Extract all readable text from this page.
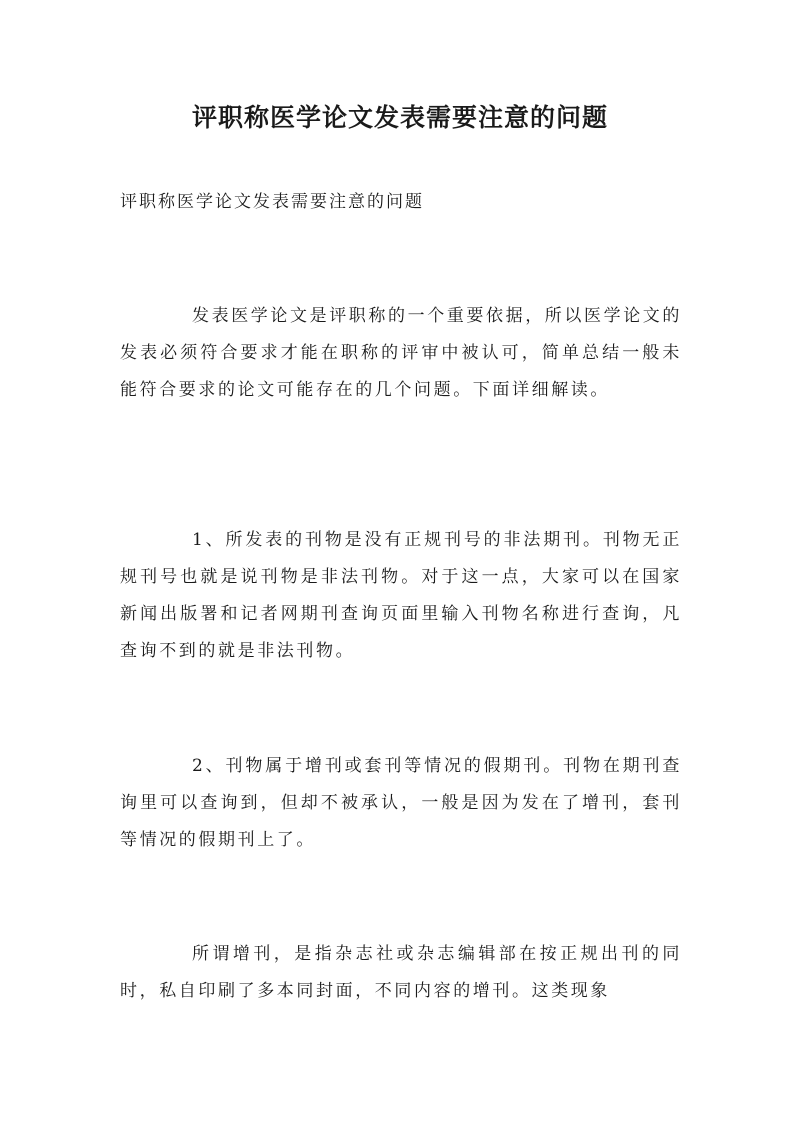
评职称医学论文发表需要注意的问题
评职称医学论文发表需要注意的问题

发表医学论文是评职称的一个重要依据，所以医学论文的发表必须符合要求才能在职称的评审中被认可，简单总结一般未能符合要求的论文可能存在的几个问题。下面详细解读。

1、所发表的刊物是没有正规刊号的非法期刊。刊物无正规刊号也就是说刊物是非法刊物。对于这一点，大家可以在国家新闻出版署和记者网期刊查询页面里输入刊物名称进行查询，凡查询不到的就是非法刊物。

2、刊物属于增刊或套刊等情况的假期刊。刊物在期刊查询里可以查询到，但却不被承认，一般是因为发在了增刊，套刊等情况的假期刊上了。

所谓增刊，是指杂志社或杂志编辑部在按正规出刊的同时，私自印刷了多本同封面，不同内容的增刊。这类现象
